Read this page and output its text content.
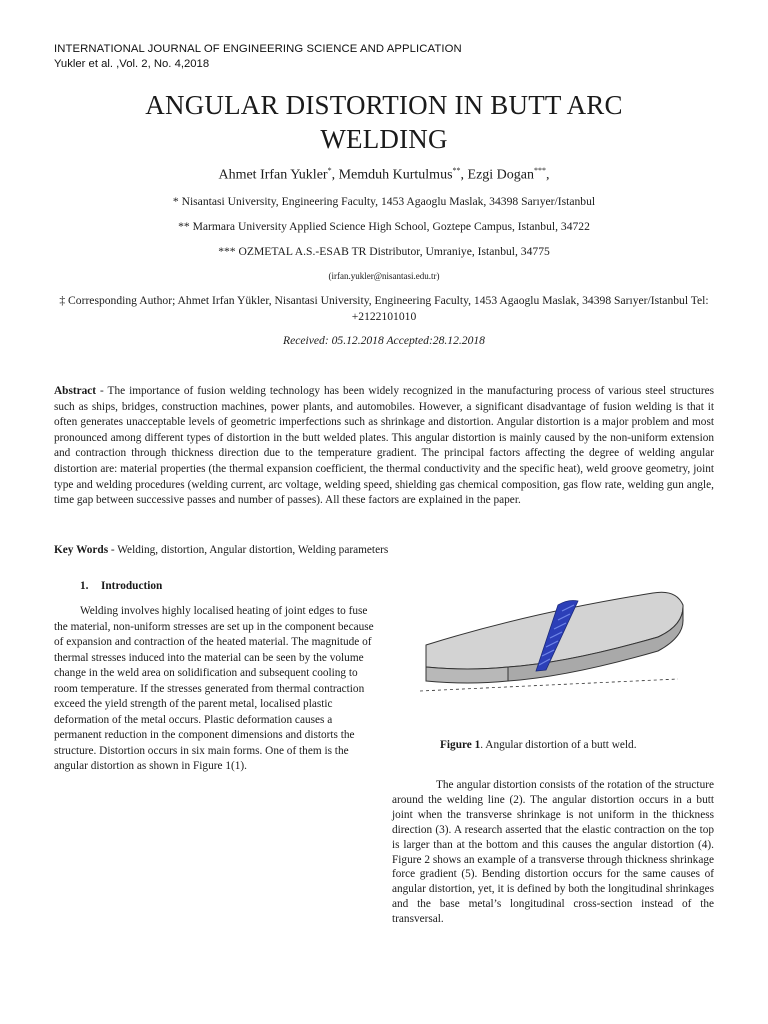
INTERNATIONAL JOURNAL OF ENGINEERING SCIENCE AND APPLICATION
Yukler et al. ,Vol. 2, No. 4,2018
ANGULAR DISTORTION IN BUTT ARC
WELDING
Ahmet Irfan Yukler*, Memduh Kurtulmus**, Ezgi Dogan***,
* Nisantasi University, Engineering Faculty, 1453 Agaoglu Maslak, 34398 Sarıyer/Istanbul
** Marmara University Applied Science High School, Goztepe Campus, Istanbul, 34722
*** OZMETAL A.S.-ESAB TR Distributor, Umraniye, Istanbul, 34775
(irfan.yukler@nisantasi.edu.tr)
‡ Corresponding Author; Ahmet Irfan Yükler, Nisantasi University, Engineering Faculty, 1453 Agaoglu Maslak, 34398 Sarıyer/Istanbul Tel: +2122101010
Received: 05.12.2018 Accepted:28.12.2018
Abstract - The importance of fusion welding technology has been widely recognized in the manufacturing process of various steel structures such as ships, bridges, construction machines, power plants, and automobiles. However, a significant disadvantage of fusion welding is that it often generates unacceptable levels of geometric imperfections such as shrinkage and distortion. Angular distortion is a major problem and most pronounced among different types of distortion in the butt welded plates. This angular distortion is mainly caused by the non-uniform extension and contraction through thickness direction due to the temperature gradient. The principal factors affecting the degree of welding angular distortion are: material properties (the thermal expansion coefficient, the thermal conductivity and the specific heat), weld groove geometry, joint type and welding procedures (welding current, arc voltage, welding speed, shielding gas chemical composition, gas flow rate, welding gun angle, time gap between successive passes and number of passes). All these factors are explained in the paper.
Key Words - Welding, distortion, Angular distortion, Welding parameters
1. Introduction

Welding involves highly localised heating of joint edges to fuse the material, non-uniform stresses are set up in the component because of expansion and contraction of the heated material. The magnitude of thermal stresses induced into the material can be seen by the volume change in the weld area on solidification and subsequent cooling to room temperature. If the stresses generated from thermal contraction exceed the yield strength of the parent metal, localised plastic deformation of the metal occurs. Plastic deformation causes a permanent reduction in the component dimensions and distorts the structure. Distortion occurs in six main forms. One of them is the angular distortion as shown in Figure 1(1).

Figure 1. Angular distortion of a butt weld.

The angular distortion consists of the rotation of the structure around the welding line (2). The angular distortion occurs in a butt joint when the transverse shrinkage is not uniform in the thickness direction (3). A research asserted that the elastic contraction on the top is larger than at the bottom and this causes the angular distortion (4). Figure 2 shows an example of a transverse through thickness shrinkage force gradient (5). Bending distortion occurs for the same causes of angular distortion, yet, it is defined by both the longitudinal shrinkages and the base metal’s longitudinal cross-section instead of the transversal.
